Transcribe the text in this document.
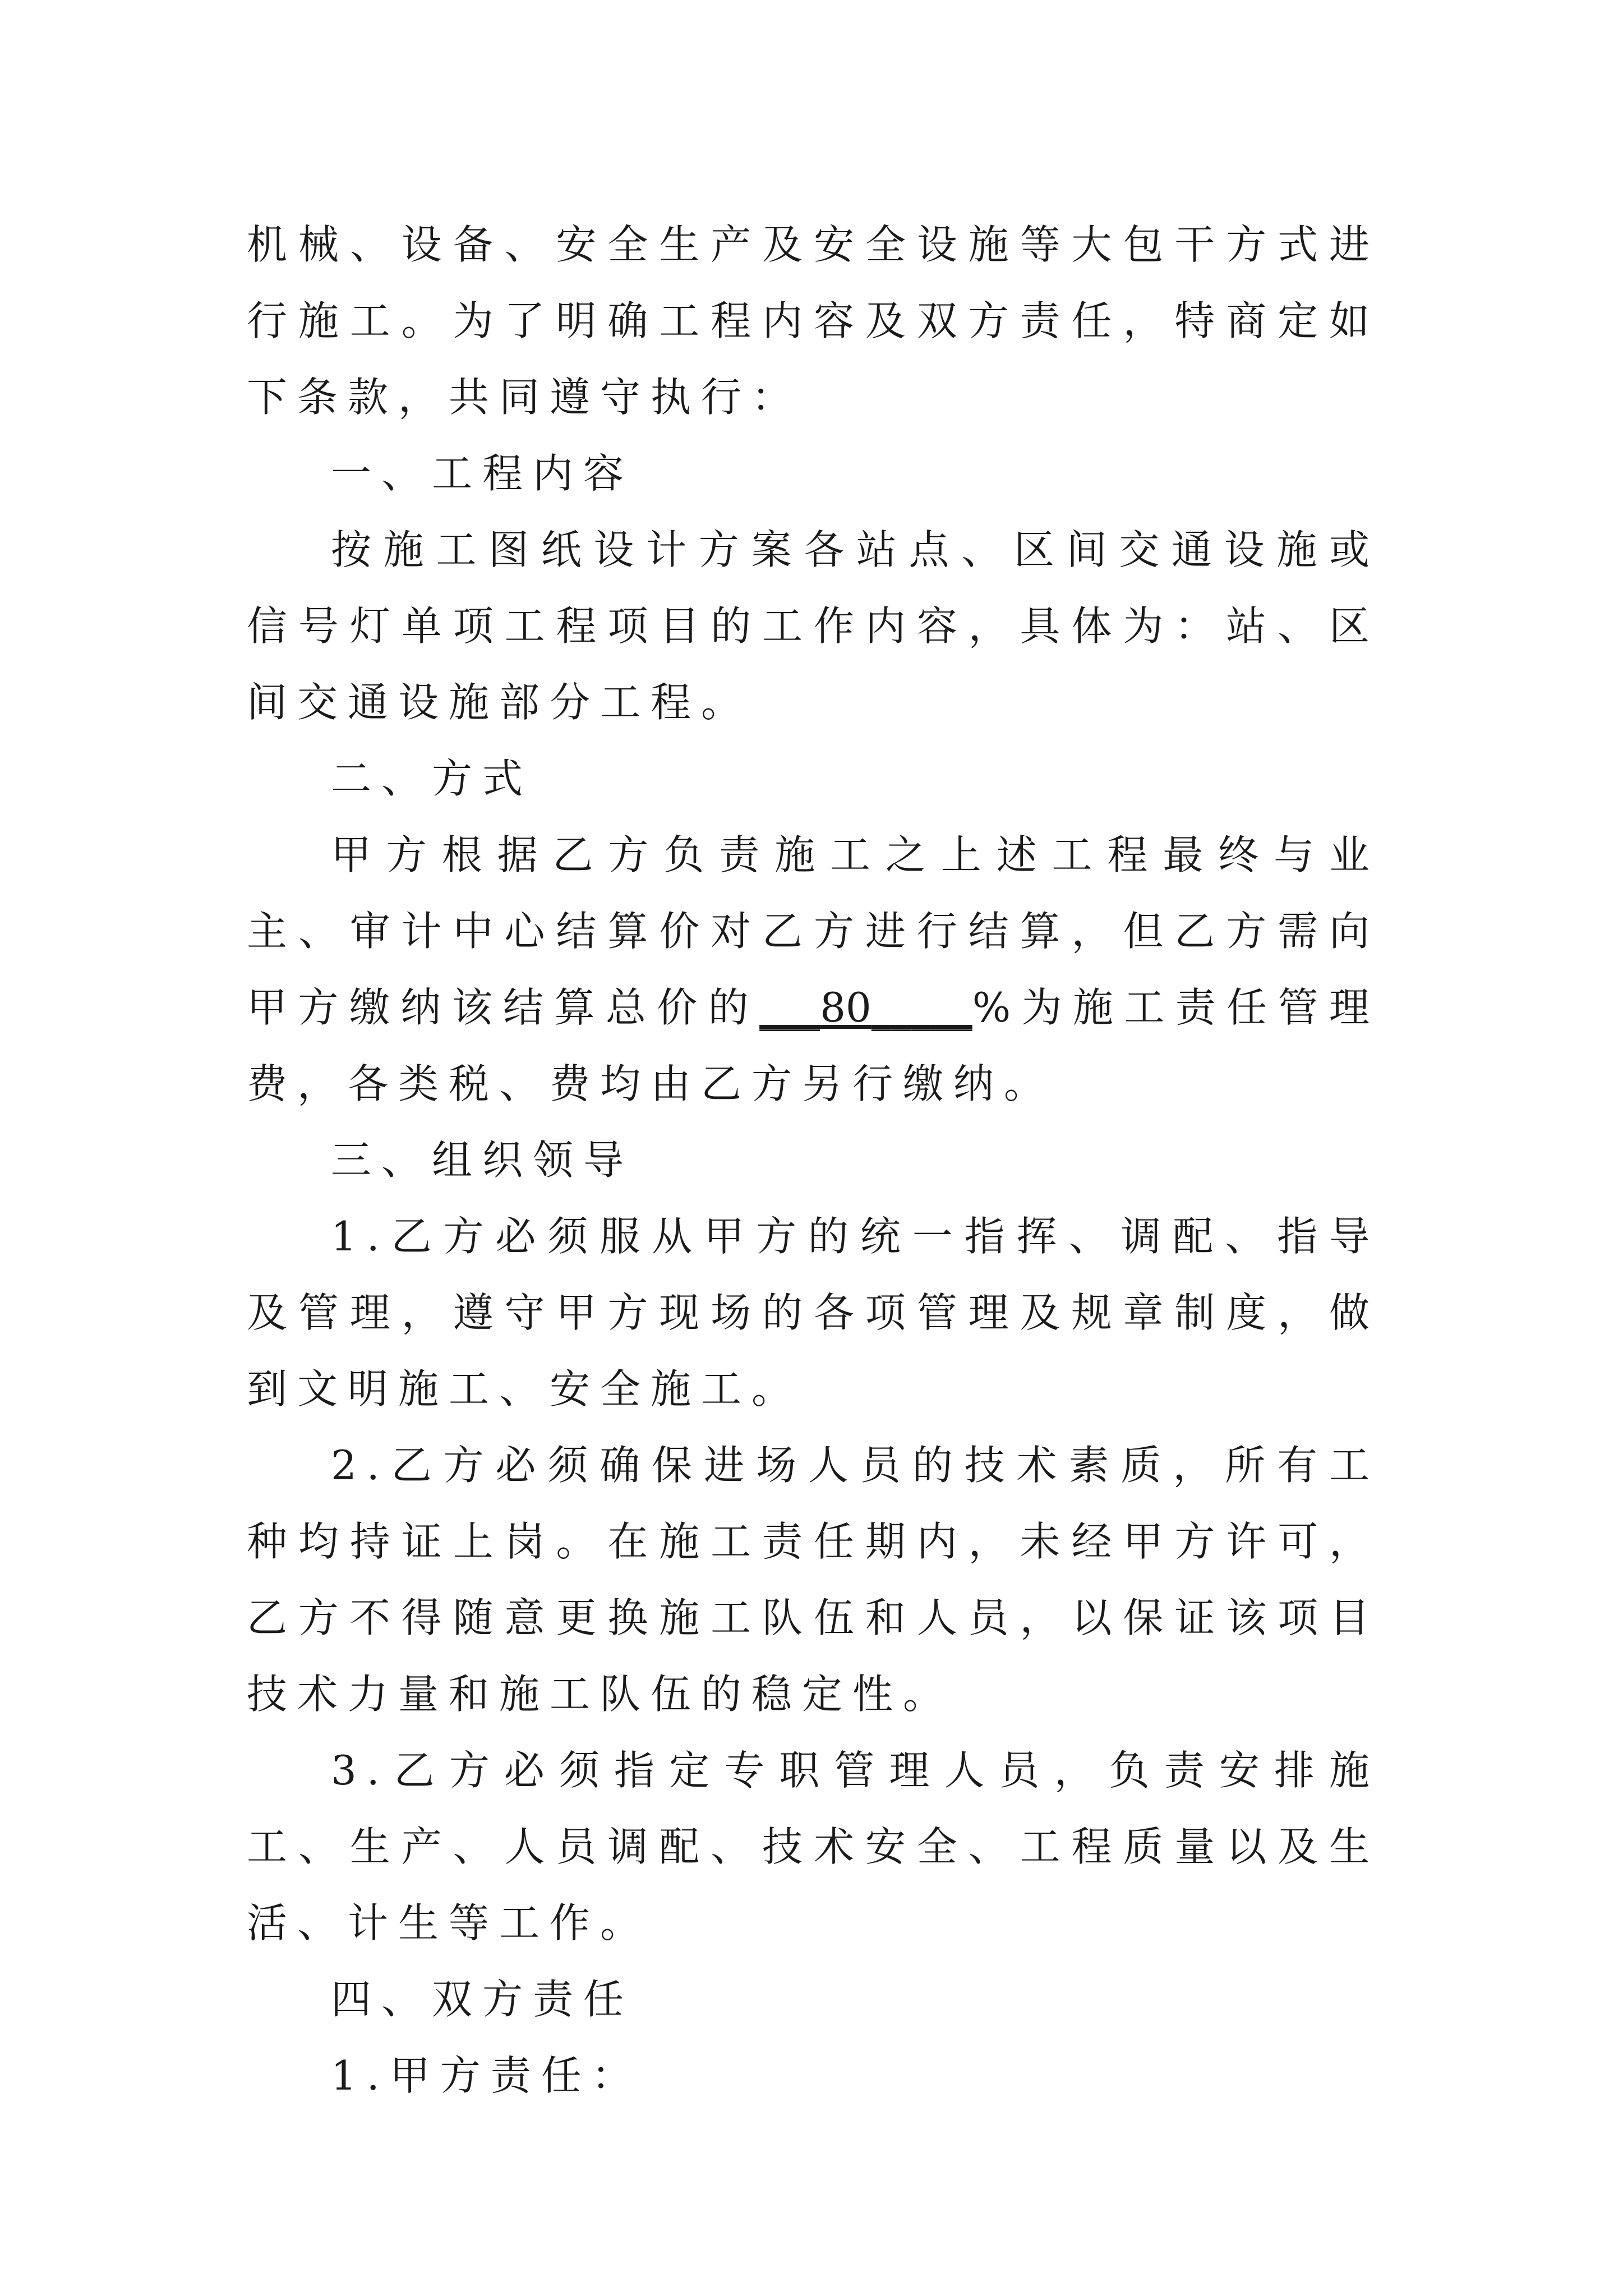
机械、设备、安全生产及安全设施等大包干方式进行施工。为了明确工程内容及双方责任，特商定如下条款，共同遵守执行：

一、工程内容

按施工图纸设计方案各站点、区间交通设施或信号灯单项工程项目的工作内容，具体为：站、区间交通设施部分工程。

二、方式

甲方根据乙方负责施工之上述工程最终与业主、审计中心结算价对乙方进行结算，但乙方需向甲方缴纳该结算总价的___80_____%为施工责任管理费，各类税、费均由乙方另行缴纳。

三、组织领导

1.乙方必须服从甲方的统一指挥、调配、指导及管理，遵守甲方现场的各项管理及规章制度，做到文明施工、安全施工。

2.乙方必须确保进场人员的技术素质，所有工种均持证上岗。在施工责任期内，未经甲方许可，乙方不得随意更换施工队伍和人员，以保证该项目技术力量和施工队伍的稳定性。

3.乙方必须指定专职管理人员，负责安排施工、生产、人员调配、技术安全、工程质量以及生活、计生等工作。

四、双方责任

1.甲方责任：
